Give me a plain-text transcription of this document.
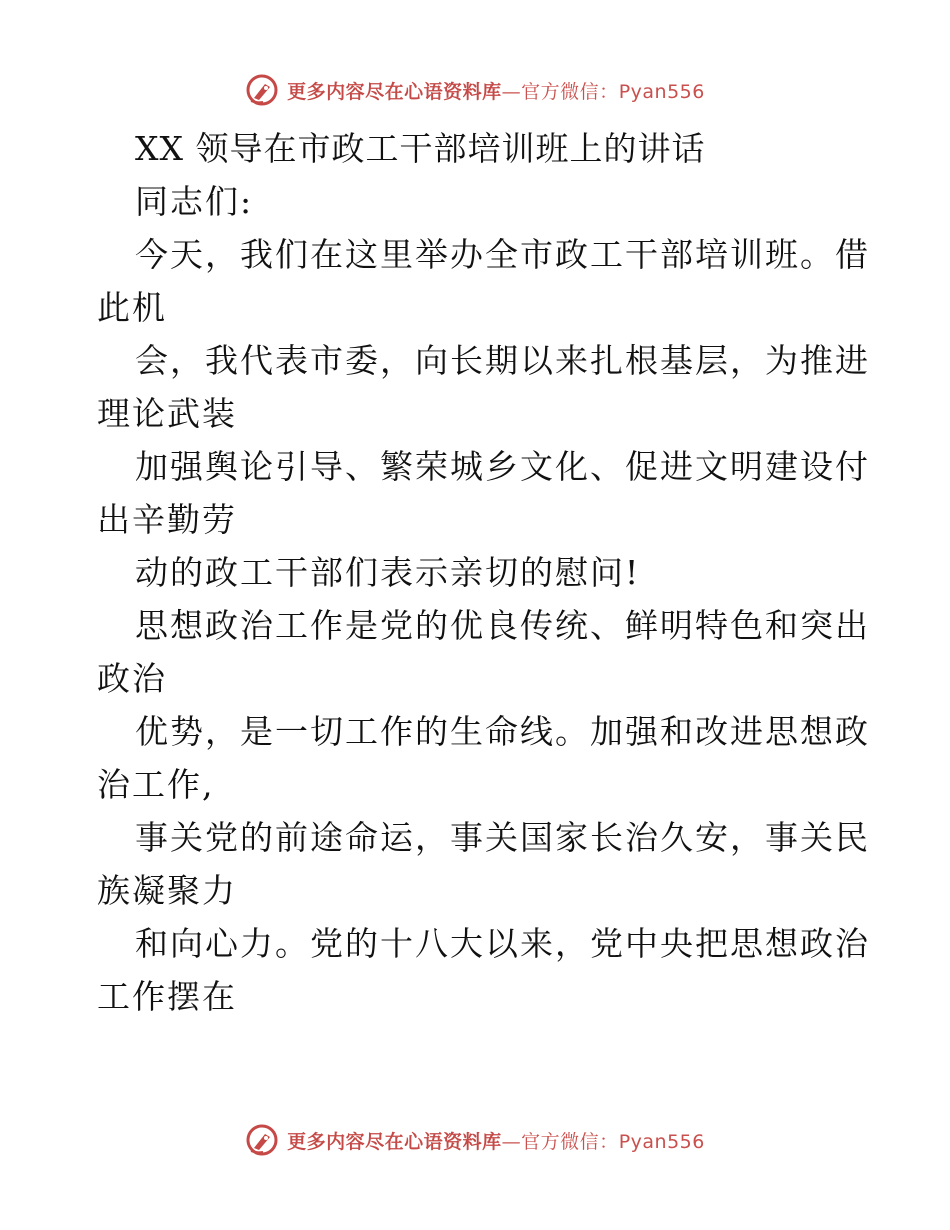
更多内容尽在心语资料库—官方微信：Pyan556
XX 领导在市政工干部培训班上的讲话
同志们:
今天，我们在这里举办全市政工干部培训班。借
此机
会，我代表市委，向长期以来扎根基层，为推进
理论武装
加强舆论引导、繁荣城乡文化、促进文明建设付
出辛勤劳
动的政工干部们表示亲切的慰问!
思想政治工作是党的优良传统、鲜明特色和突出
政治
优势，是一切工作的生命线。加强和改进思想政
治工作,
事关党的前途命运，事关国家长治久安，事关民
族凝聚力
和向心力。党的十八大以来，党中央把思想政治
工作摆在
更多内容尽在心语资料库—官方微信：Pyan556
